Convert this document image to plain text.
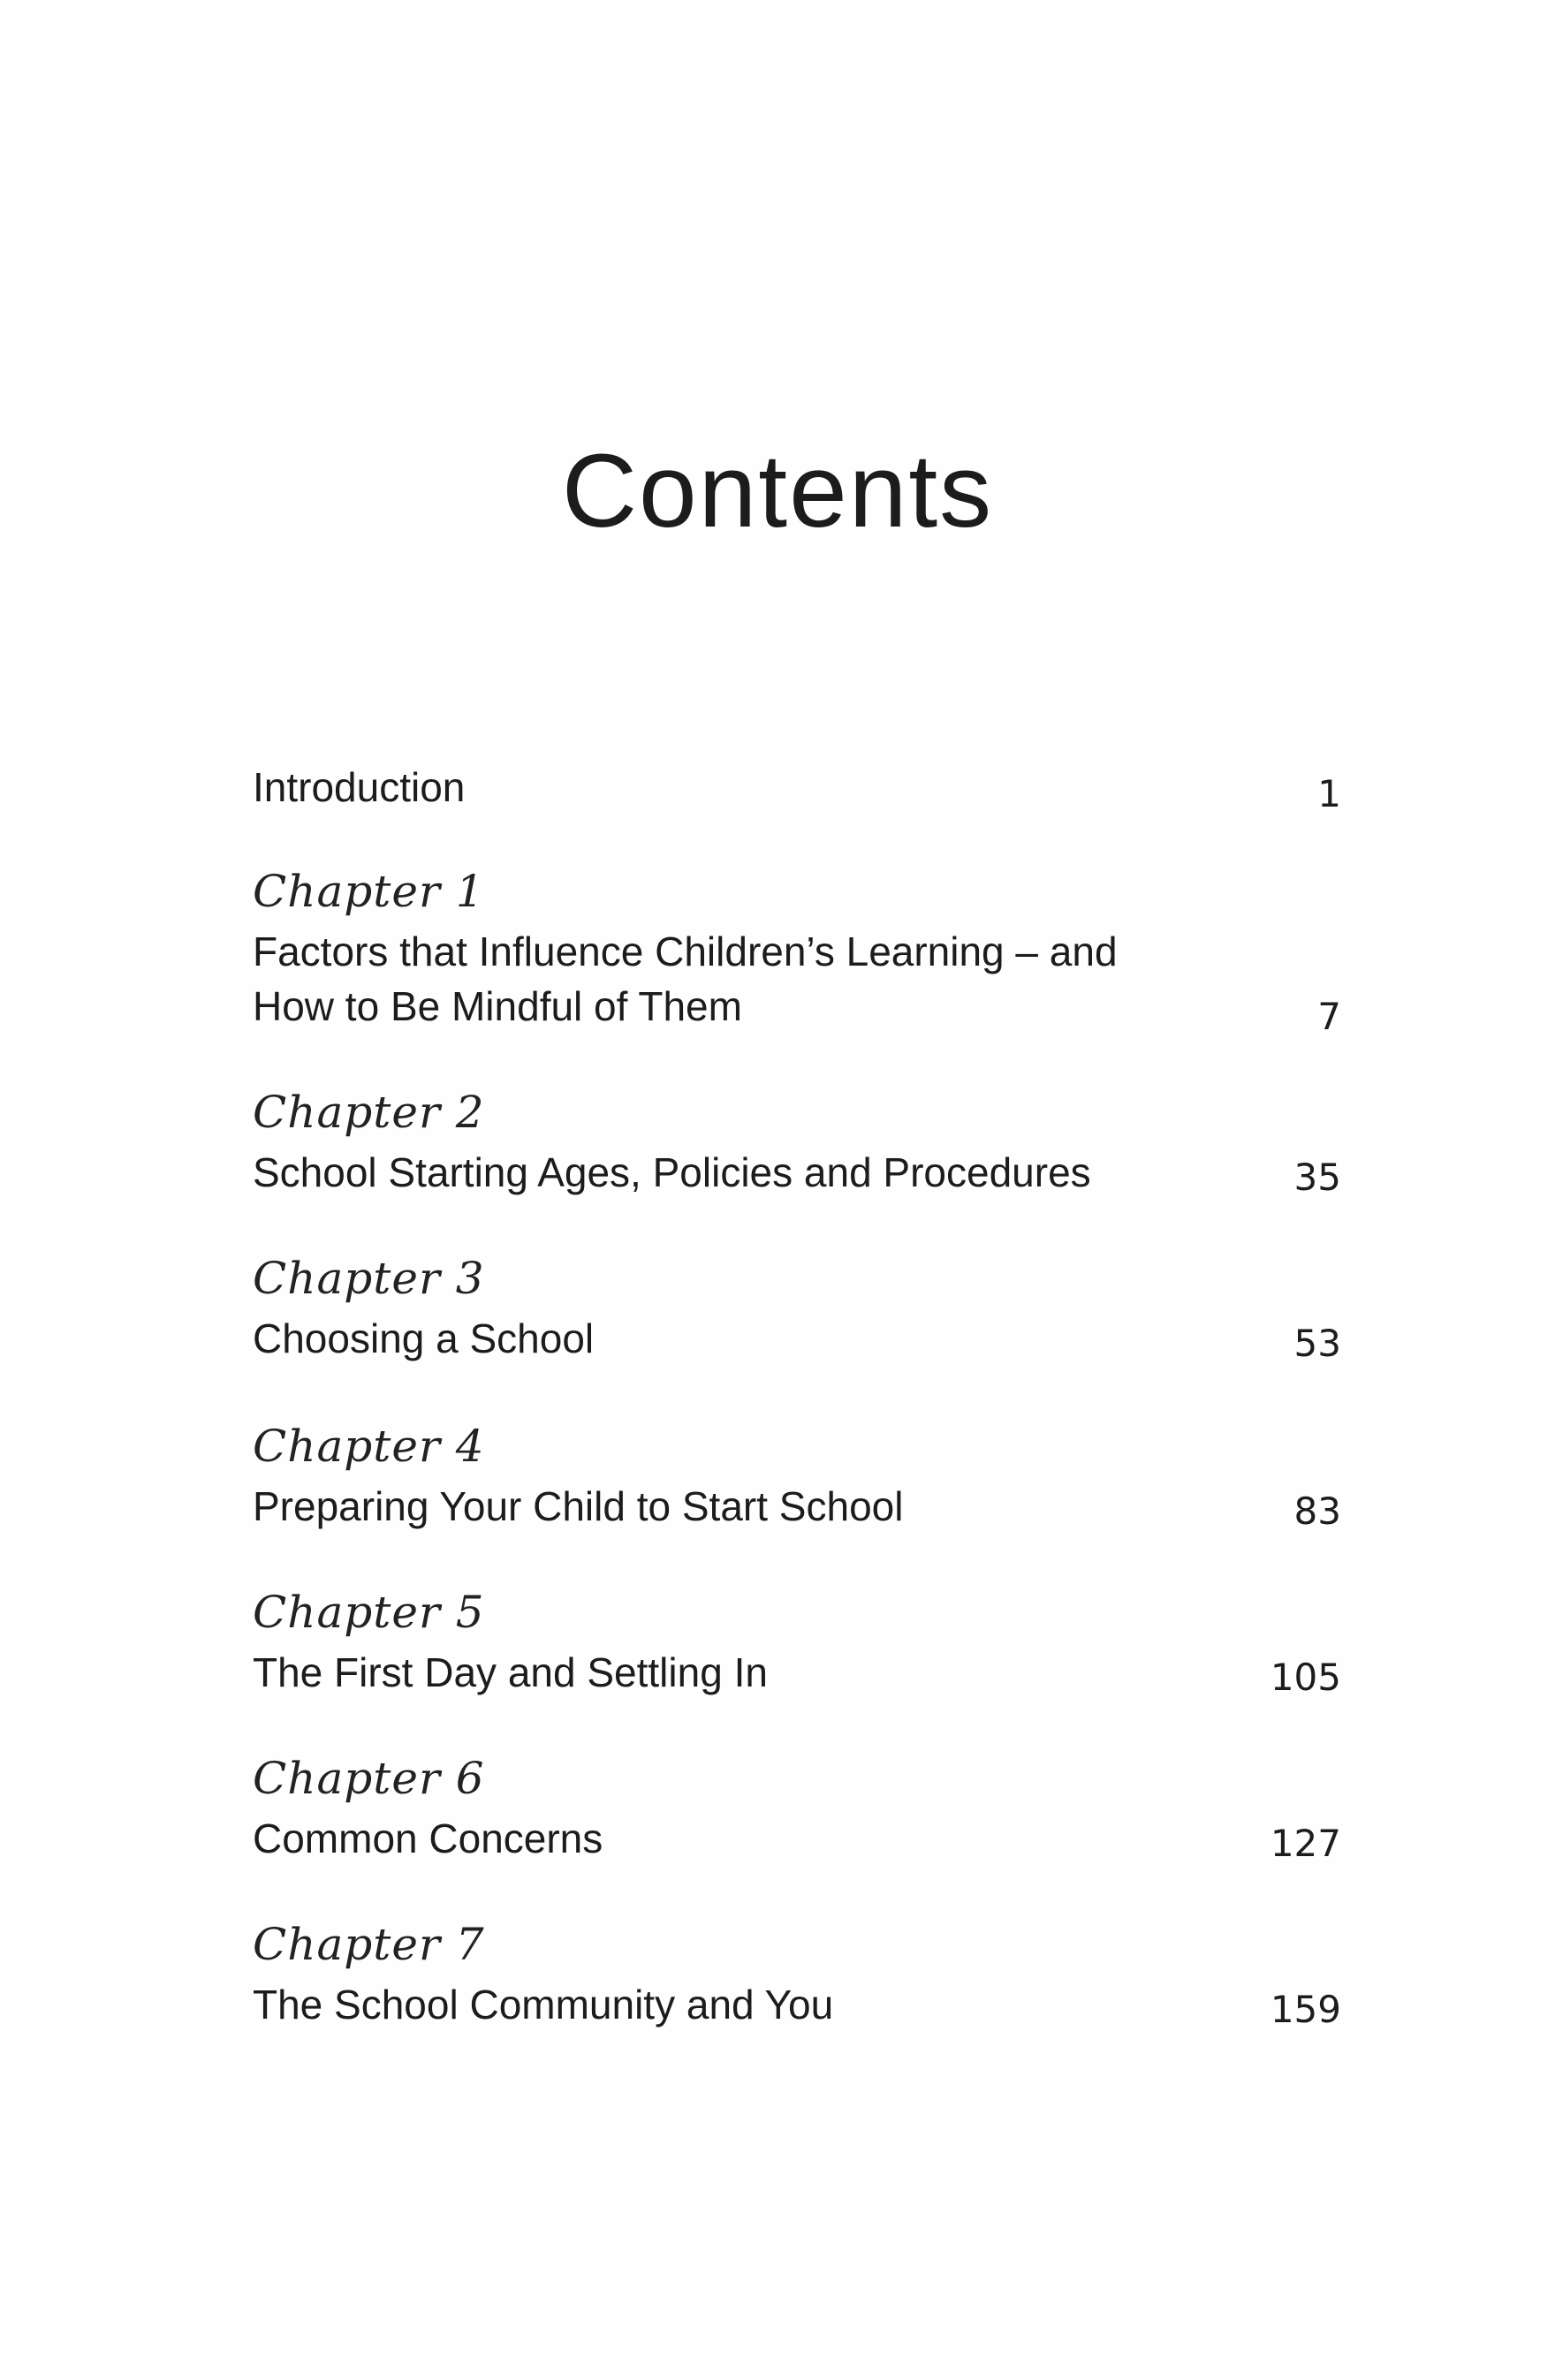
Contents
Introduction	1
Chapter 1
Factors that Influence Children’s Learning – and How to Be Mindful of Them	7
Chapter 2
School Starting Ages, Policies and Procedures	35
Chapter 3
Choosing a School	53
Chapter 4
Preparing Your Child to Start School	83
Chapter 5
The First Day and Settling In	105
Chapter 6
Common Concerns	127
Chapter 7
The School Community and You	159
